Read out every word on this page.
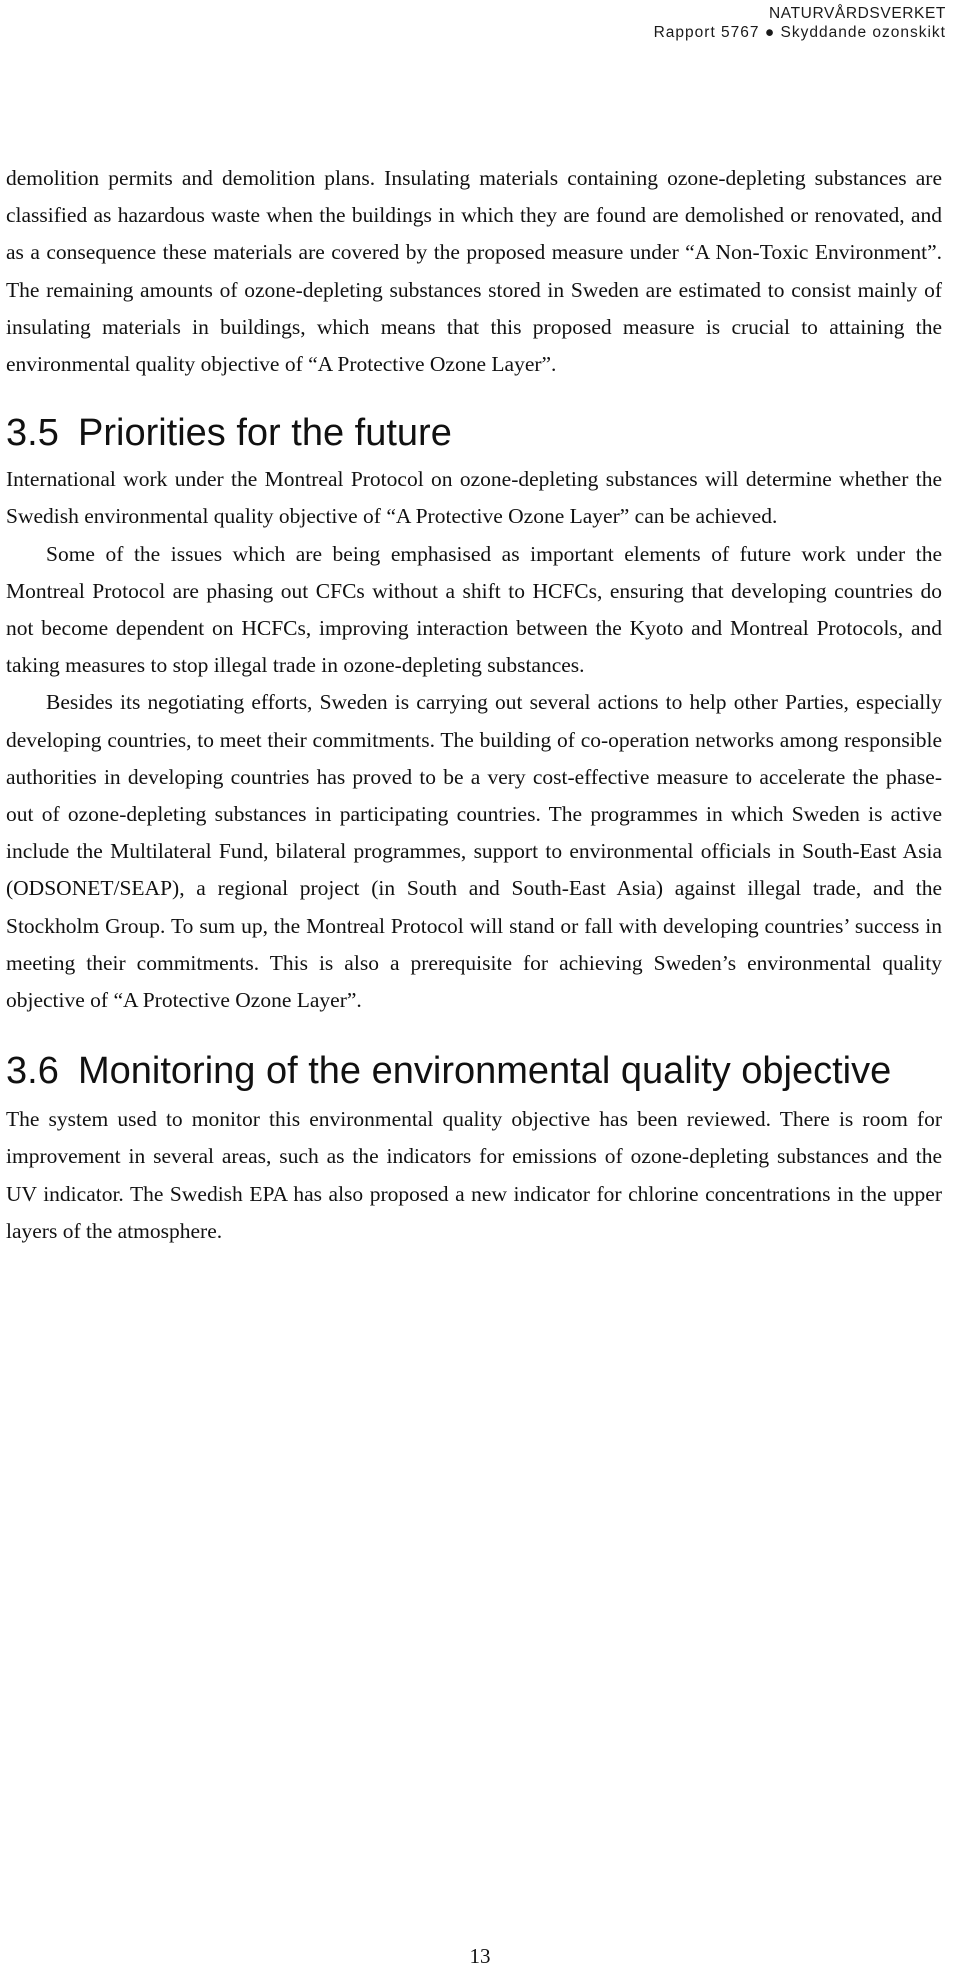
NATURVÅRDSVERKET
Rapport 5767 ● Skyddande ozonskikt

demolition permits and demolition plans. Insulating materials containing ozone-depleting substances are classified as hazardous waste when the buildings in which they are found are demolished or renovated, and as a consequence these materials are covered by the proposed measure under “A Non-Toxic Environment”. The remaining amounts of ozone-depleting substances stored in Sweden are estimated to consist mainly of insulating materials in buildings, which means that this proposed measure is crucial to attaining the environmental quality objective of “A Protective Ozone Layer”.

3.5 Priorities for the future

International work under the Montreal Protocol on ozone-depleting substances will determine whether the Swedish environmental quality objective of “A Protective Ozone Layer” can be achieved.

Some of the issues which are being emphasised as important elements of future work under the Montreal Protocol are phasing out CFCs without a shift to HCFCs, ensuring that developing countries do not become dependent on HCFCs, improving interaction between the Kyoto and Montreal Protocols, and taking measures to stop illegal trade in ozone-depleting substances.

Besides its negotiating efforts, Sweden is carrying out several actions to help other Parties, especially developing countries, to meet their commitments. The building of co-operation networks among responsible authorities in developing countries has proved to be a very cost-effective measure to accelerate the phase-out of ozone-depleting substances in participating countries. The programmes in which Sweden is active include the Multilateral Fund, bilateral programmes, support to environmental officials in South-East Asia (ODSONET/SEAP), a regional project (in South and South-East Asia) against illegal trade, and the Stockholm Group. To sum up, the Montreal Protocol will stand or fall with developing countries’ success in meeting their commitments. This is also a prerequisite for achieving Sweden’s environmental quality objective of “A Protective Ozone Layer”.

3.6 Monitoring of the environmental quality objective

The system used to monitor this environmental quality objective has been reviewed. There is room for improvement in several areas, such as the indicators for emissions of ozone-depleting substances and the UV indicator. The Swedish EPA has also proposed a new indicator for chlorine concentrations in the upper layers of the atmosphere.

13
